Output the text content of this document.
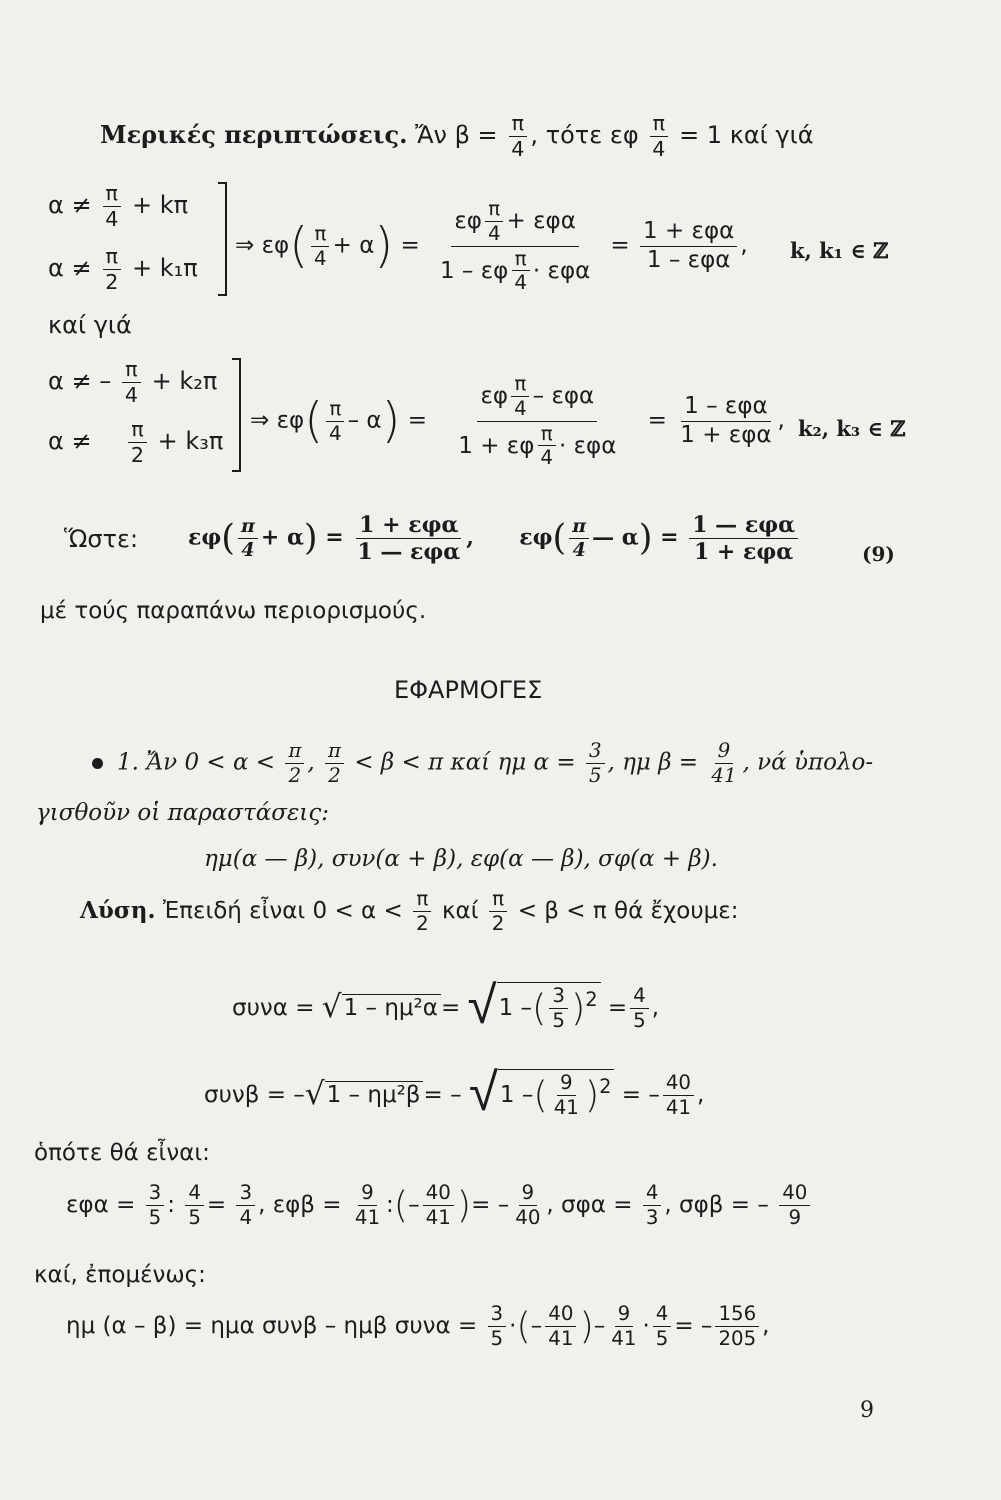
Μερικές περιπτώσεις. Ἄν $\beta = \frac{\pi}{4}$ , τότε εφ $\frac{\pi}{4} = 1$ καί γιά
$\alpha \ne \frac{\pi}{4} + k\pi$
$\alpha \ne \frac{\pi}{2} + k_1\pi$
⇒ $\varepsilon\varphi( \frac{\pi}{4} + \alpha) = \frac{\varepsilon\varphi \frac{\pi}{4} + \varepsilon\varphi\alpha}{1 - \varepsilon\varphi \frac{\pi}{4} \cdot \varepsilon\varphi\alpha} = \frac{\text{1 + εφα}}{\text{1 – εφα}}$ , k, k₁ ∈ ℤ
καί γιά
α ≠ – $\frac{\pi}{4} + k_2\pi$
$\alpha \ne \frac{\pi}{2} + k_3\pi$
⇒ $\varepsilon\varphi( \frac{\pi}{4} - \alpha) = \frac{\varepsilon\varphi \frac{\pi}{4} - \varepsilon\varphi\alpha}{1 + \varepsilon\varphi \frac{\pi}{4} \cdot \varepsilon\varphi\alpha} = \frac{\text{1 – εφα}}{\text{1 + εφα}}$ , k₂, k₃ ∈ ℤ
Ὥστε: $\varepsilon\varphi( \frac{\pi}{4} + \alpha) = \frac{\text{1 + εφα}}{\text{1 — εφα}}$ ,  $\varepsilon\varphi( \frac{\pi}{4}$ — $\alpha) = \frac{\text{1 — εφα}}{\text{1 + εφα}}$	(9)
μέ τούς παραπάνω περιορισμούς.
ΕΦΑΡΜΟΓΕΣ
1. Ἄν $0 < \alpha < \frac{\pi}{2}$ , $\frac{\pi}{2} < \beta < \pi$ καί ημ $\alpha = \frac{3}{5}$ , ημ $\beta = \frac{9}{41}$ , νά ὑπολο-
γισθοῦν οἱ παραστάσεις:
ημ(α — β), συν(α + β), εφ(α — β), σφ(α + β).
Λύση. Ἐπειδή εἶναι $0 < \alpha < \frac{\pi}{2}$ καί $\frac{\pi}{2} < \beta < \pi$ θά ἔχουμε:
συνα = √1 – ημ²α = √1 –( $\frac{3}{5} )^2 = \frac{4}{5}$ ,
συνβ = –√1 – ημ²β = – √1 –( $\frac{9}{41} )^2$ = – $\frac{40}{41}$ ,
ὁπότε θά εἶναι:
$\varepsilon\varphi\alpha = \frac{3}{5}$ : $\frac{4}{5} = \frac{3}{4}$ , $\varepsilon\varphi\beta = \frac{9}{41}$ :(– $\frac{40}{41}$ )= – $\frac{9}{40}$ , $\sigma\varphi\alpha = \frac{4}{3}$ , σφβ = – $\frac{40}{9}$
καί, ἐπομένως:
ημ (α – β) = ημα συνβ – ημβ $\sigma\upsilon\nu\alpha = \frac{3}{5}$ ·(– $\frac{40}{41}$ )– $\frac{9}{41} \cdot \frac{4}{5}$ = – $\frac{156}{205}$ ,
9
